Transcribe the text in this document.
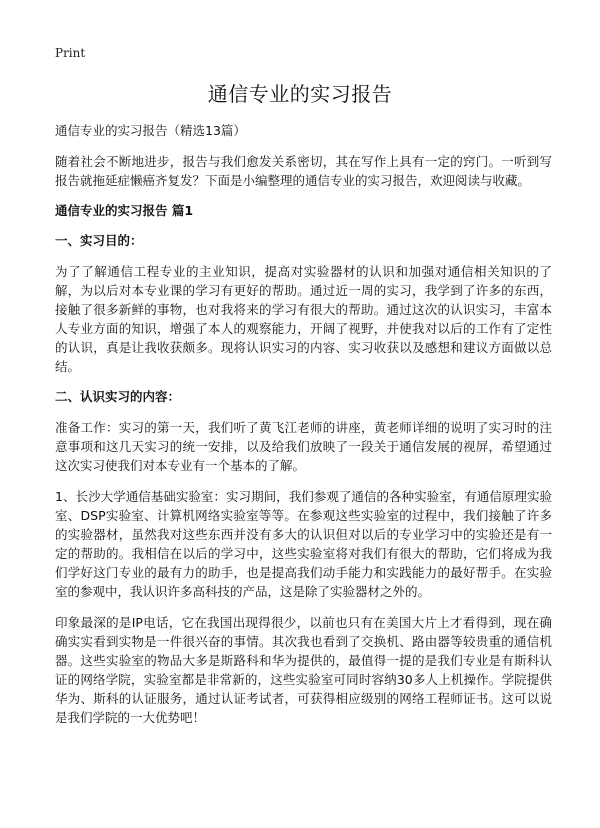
Print
通信专业的实习报告
通信专业的实习报告（精选13篇）

随着社会不断地进步，报告与我们愈发关系密切，其在写作上具有一定的窍门。一听到写报告就拖延症懒癌齐复发？下面是小编整理的通信专业的实习报告，欢迎阅读与收藏。

通信专业的实习报告 篇1
一、实习目的：

为了了解通信工程专业的主业知识，提高对实验器材的认识和加强对通信相关知识的了解，为以后对本专业课的学习有更好的帮助。通过近一周的实习，我学到了许多的东西，接触了很多新鲜的事物，也对我将来的学习有很大的帮助。通过这次的认识实习，丰富本人专业方面的知识，增强了本人的观察能力，开阔了视野，并使我对以后的工作有了定性的认识，真是让我收获颇多。现将认识实习的内容、实习收获以及感想和建议方面做以总结。

二、认识实习的内容：

准备工作：实习的第一天，我们听了黄飞江老师的讲座，黄老师详细的说明了实习时的注意事项和这几天实习的统一安排，以及给我们放映了一段关于通信发展的视屏，希望通过这次实习使我们对本专业有一个基本的了解。

1、长沙大学通信基础实验室：实习期间，我们参观了通信的各种实验室，有通信原理实验室、DSP实验室、计算机网络实验室等等。在参观这些实验室的过程中，我们接触了许多的实验器材，虽然我对这些东西并没有多大的认识但对以后的专业学习中的实验还是有一定的帮助的。我相信在以后的学习中，这些实验室将对我们有很大的帮助，它们将成为我们学好这门专业的最有力的助手，也是提高我们动手能力和实践能力的最好帮手。在实验室的参观中，我认识许多高科技的产品，这是除了实验器材之外的。

印象最深的是IP电话，它在我国出现得很少，以前也只有在美国大片上才看得到，现在确确实实看到实物是一件很兴奋的事情。其次我也看到了交换机、路由器等较贵重的通信机器。这些实验室的物品大多是斯路科和华为提供的，最值得一提的是我们专业是有斯科认证的网络学院，实验室都是非常新的，这些实验室可同时容纳30多人上机操作。学院提供华为、斯科的认证服务，通过认证考试者，可获得相应级别的网络工程师证书。这可以说是我们学院的一大优势吧！
